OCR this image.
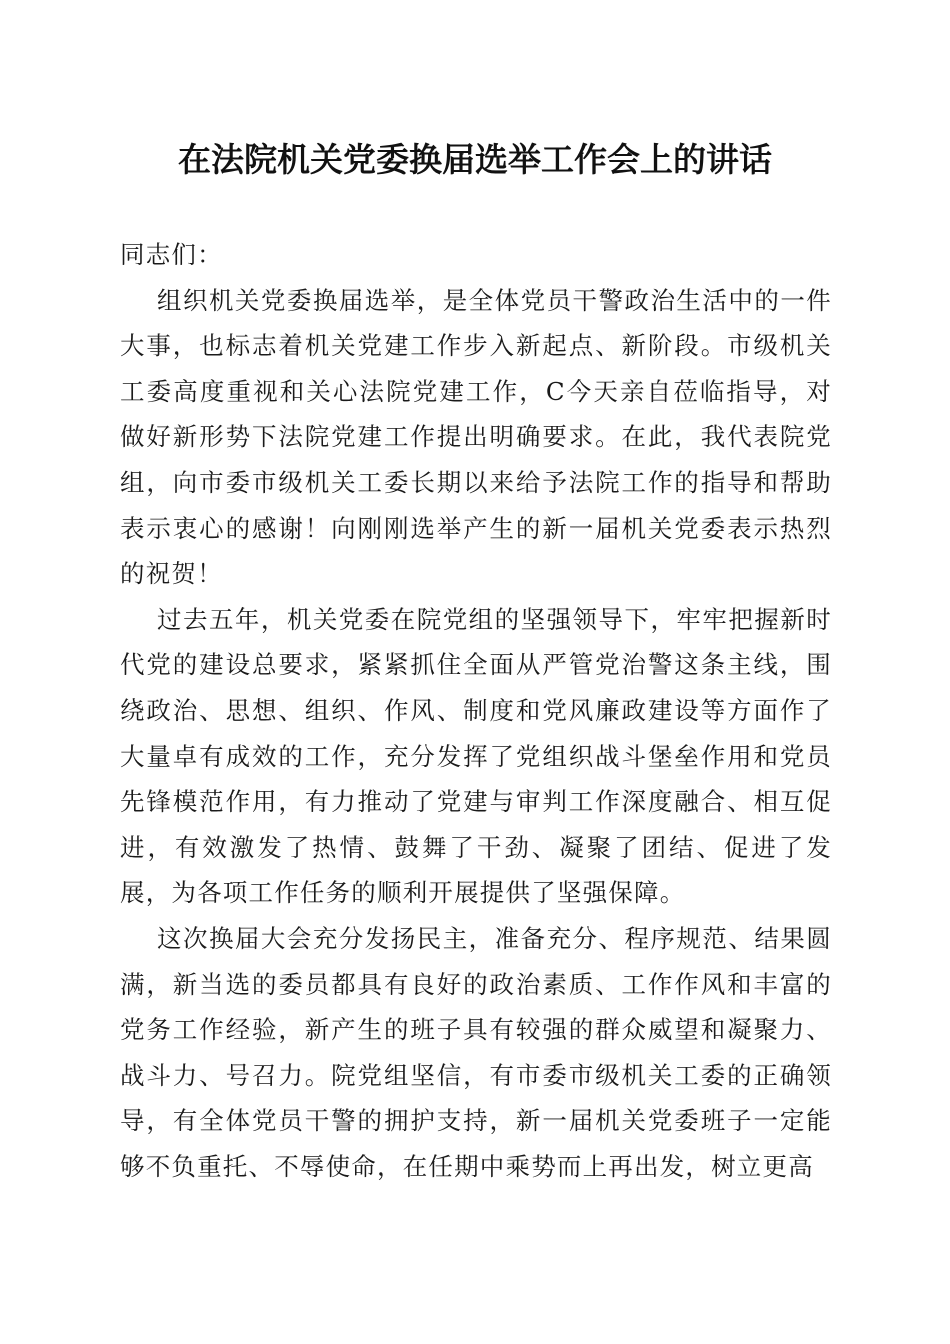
在法院机关党委换届选举工作会上的讲话

同志们：

组织机关党委换届选举，是全体党员干警政治生活中的一件大事，也标志着机关党建工作步入新起点、新阶段。市级机关工委高度重视和关心法院党建工作，C今天亲自莅临指导，对做好新形势下法院党建工作提出明确要求。在此，我代表院党组，向市委市级机关工委长期以来给予法院工作的指导和帮助表示衷心的感谢！向刚刚选举产生的新一届机关党委表示热烈的祝贺！

过去五年，机关党委在院党组的坚强领导下，牢牢把握新时代党的建设总要求，紧紧抓住全面从严管党治警这条主线，围绕政治、思想、组织、作风、制度和党风廉政建设等方面作了大量卓有成效的工作，充分发挥了党组织战斗堡垒作用和党员先锋模范作用，有力推动了党建与审判工作深度融合、相互促进，有效激发了热情、鼓舞了干劲、凝聚了团结、促进了发展，为各项工作任务的顺利开展提供了坚强保障。

这次换届大会充分发扬民主，准备充分、程序规范、结果圆满，新当选的委员都具有良好的政治素质、工作作风和丰富的党务工作经验，新产生的班子具有较强的群众威望和凝聚力、战斗力、号召力。院党组坚信，有市委市级机关工委的正确领导，有全体党员干警的拥护支持，新一届机关党委班子一定能够不负重托、不辱使命，在任期中乘势而上再出发，树立更高
